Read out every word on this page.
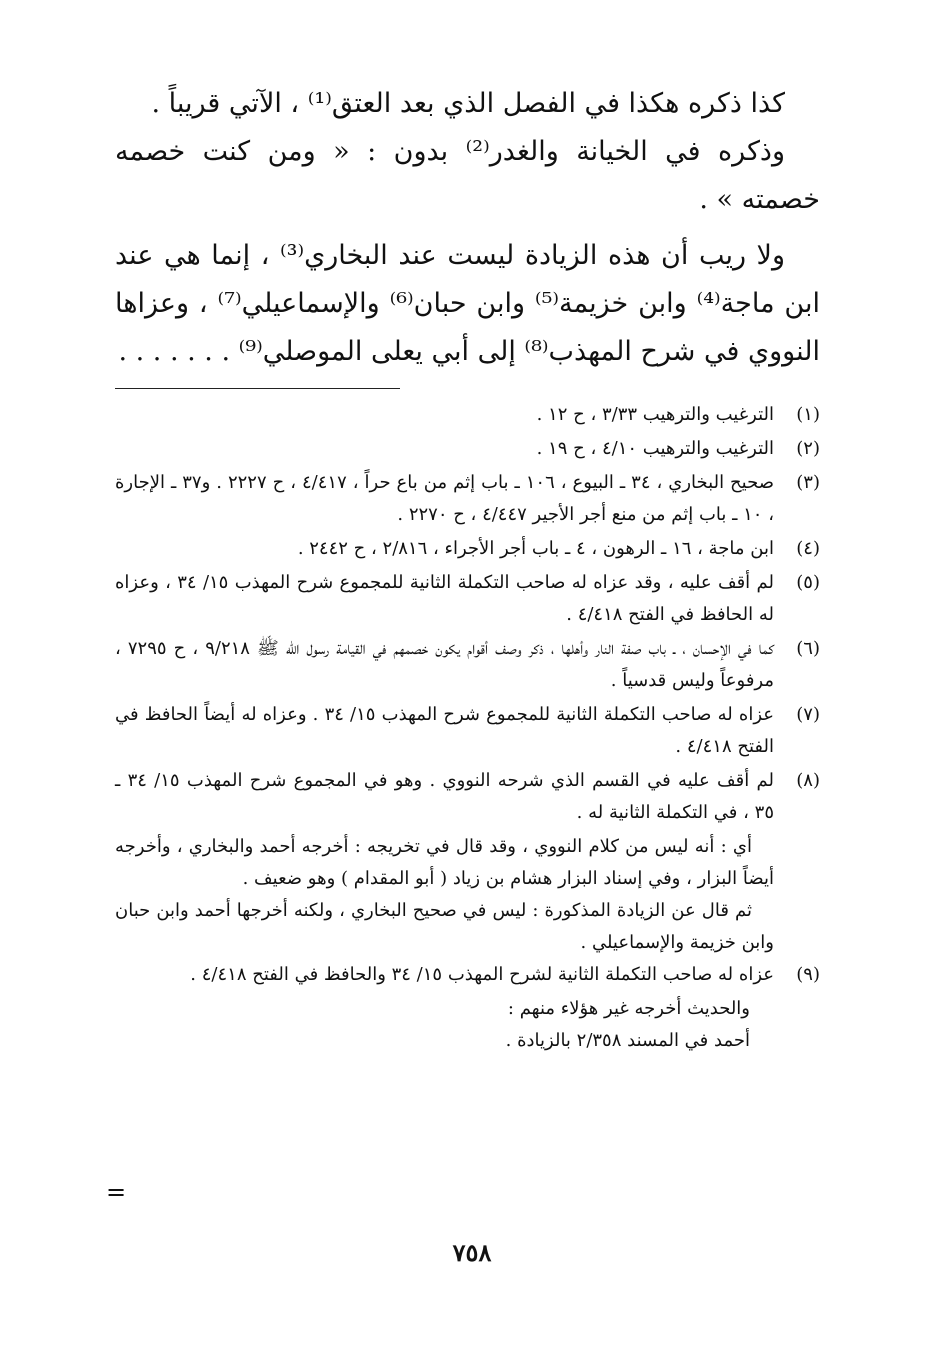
كذا ذكره هكذا في الفصل الذي بعد العتق⁽¹⁾ ، الآتي قريباً .

وذكره في الخيانة والغدر⁽²⁾ بدون : « ومن كنت خصمه خصمته » .

ولا ريب أن هذه الزيادة ليست عند البخاري⁽³⁾ ، إنما هي عند ابن ماجة⁽⁴⁾ وابن خزيمة⁽⁵⁾ وابن حبان⁽⁶⁾ والإسماعيلي⁽⁷⁾ ، وعزاها النووي في شرح المهذب⁽⁸⁾ إلى أبي يعلى الموصلي⁽⁹⁾ . . . . . . .

(١)
الترغيب والترهيب ٣/٣٣ ، ح ١٢ .
(٢)
الترغيب والترهيب ٤/١٠ ، ح ١٩ .
(٣)
صحيح البخاري ، ٣٤ ـ البيوع ، ١٠٦ ـ باب إثم من باع حراً ، ٤/٤١٧ ، ح ٢٢٢٧ . و٣٧ ـ الإجارة ، ١٠ ـ باب إثم من منع أجر الأجير ٤/٤٤٧ ، ح ٢٢٧٠ .
(٤)
ابن ماجة ، ١٦ ـ الرهون ، ٤ ـ باب أجر الأجراء ، ٢/٨١٦ ، ح ٢٤٤٢ .
(٥)
لم أقف عليه ، وقد عزاه له صاحب التكملة الثانية للمجموع شرح المهذب ١٥/ ٣٤ ، وعزاه له الحافظ في الفتح ٤/٤١٨ .
(٦)
كما في الإحسان ، ـ باب صفة النار وأهلها ، ذكر وصف أقوام يكون خصمهم في القيامة رسول الله ﷺ ٩/٢١٨ ، ح ٧٢٩٥ ، مرفوعاً وليس قدسياً .
(٧)
عزاه له صاحب التكملة الثانية للمجموع شرح المهذب ١٥/ ٣٤ . وعزاه له أيضاً الحافظ في الفتح ٤/٤١٨ .
(٨)
لم أقف عليه في القسم الذي شرحه النووي . وهو في المجموع شرح المهذب ١٥/ ٣٤ ـ ٣٥ ، في التكملة الثانية له .
أي : أنه ليس من كلام النووي ، وقد قال في تخريجه : أخرجه أحمد والبخاري ، وأخرجه أيضاً البزار ، وفي إسناد البزار هشام بن زياد ( أبو المقدام ) وهو ضعيف .
ثم قال عن الزيادة المذكورة : ليس في صحيح البخاري ، ولكنه أخرجها أحمد وابن حبان وابن خزيمة والإسماعيلي .
(٩)
عزاه له صاحب التكملة الثانية لشرح المهذب ١٥/ ٣٤ والحافظ في الفتح ٤/٤١٨ .
والحديث أخرجه غير هؤلاء منهم :
أحمد في المسند ٢/٣٥٨ بالزيادة .
=
٧٥٨
